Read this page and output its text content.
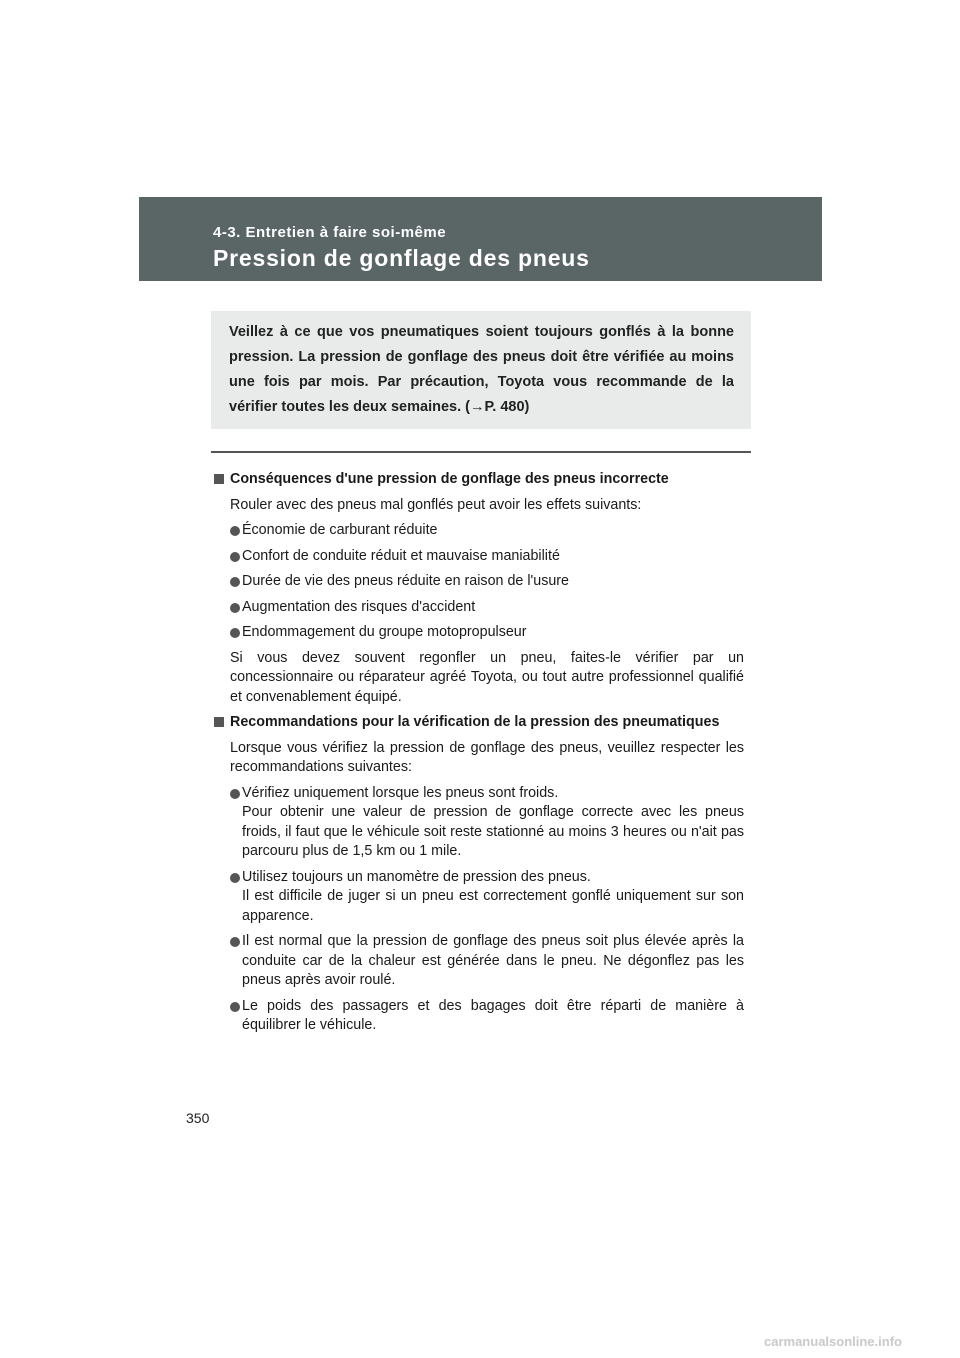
4-3. Entretien à faire soi-même
Pression de gonflage des pneus

Veillez à ce que vos pneumatiques soient toujours gonflés à la bonne pression. La pression de gonflage des pneus doit être vérifiée au moins une fois par mois. Par précaution, Toyota vous recommande de la vérifier toutes les deux semaines. (→P. 480)

Conséquences d'une pression de gonflage des pneus incorrecte
Rouler avec des pneus mal gonflés peut avoir les effets suivants:
Économie de carburant réduite
Confort de conduite réduit et mauvaise maniabilité
Durée de vie des pneus réduite en raison de l'usure
Augmentation des risques d'accident
Endommagement du groupe motopropulseur
Si vous devez souvent regonfler un pneu, faites-le vérifier par un concessionnaire ou réparateur agréé Toyota, ou tout autre professionnel qualifié et convenablement équipé.
Recommandations pour la vérification de la pression des pneumatiques
Lorsque vous vérifiez la pression de gonflage des pneus, veuillez respecter les recommandations suivantes:
Vérifiez uniquement lorsque les pneus sont froids.
Pour obtenir une valeur de pression de gonflage correcte avec les pneus froids, il faut que le véhicule soit reste stationné au moins 3 heures ou n'ait pas parcouru plus de 1,5 km ou 1 mile.
Utilisez toujours un manomètre de pression des pneus.
Il est difficile de juger si un pneu est correctement gonflé uniquement sur son apparence.
Il est normal que la pression de gonflage des pneus soit plus élevée après la conduite car de la chaleur est générée dans le pneu. Ne dégonflez pas les pneus après avoir roulé.
Le poids des passagers et des bagages doit être réparti de manière à équilibrer le véhicule.
350
carmanualsonline.info
